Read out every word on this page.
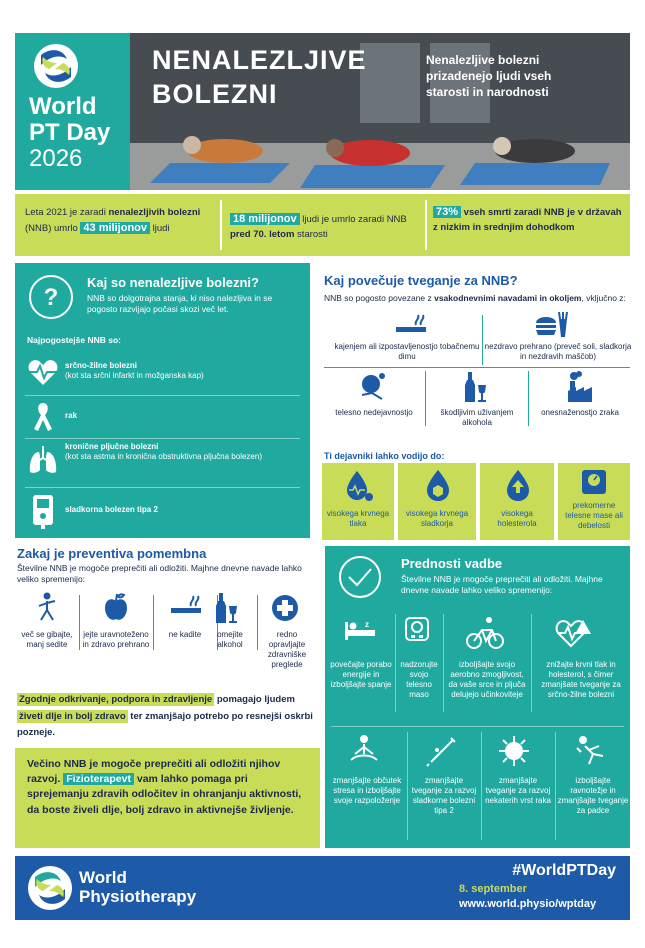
World
PT Day
2026
NENALEZLJIVE
BOLEZNI
Nenalezljive bolezni prizadenejo ljudi vseh starosti in narodnosti
Leta 2021 je zaradi nenalezljivih bolezni (NNB) umrlo 43 milijonov ljudi
18 milijonov ljudi je umrlo zaradi NNB pred 70. letom starosti
73% vseh smrti zaradi NNB je v državah z nizkim in srednjim dohodkom
?
Kaj so nenalezljive bolezni?
NNB so dolgotrajna stanja, ki niso nalezljiva in se pogosto razvijajo počasi skozi več let.
Najpogostejše NNB so:
srčno-žilne bolezni
(kot sta srčni infarkt in možganska kap)
rak
kronične pljučne bolezni
(kot sta astma in kronična obstruktivna pljučna bolezen)
sladkorna bolezen tipa 2
Kaj povečuje tveganje za NNB?
NNB so pogosto povezane z vsakodnevnimi navadami in okoljem, vključno z:
kajenjem ali izpostavljenostjo tobačnemu dimu
nezdravo prehrano (preveč soli, sladkorja in nezdravih maščob)
telesno nedejavnostjo	škodljivim uživanjem alkohola
onesnaženostjo zraka
Ti dejavniki lahko vodijo do:
visokega krvnega tlaka
visokega krvnega sladkorja
visokega holesterola
prekomerne telesne mase ali debelosti
Zakaj je preventiva pomembna
Številne NNB je mogoče preprečiti ali odložiti. Majhne dnevne navade lahko veliko spremenijo:
več se gibajte, manj sedite
jejte uravnoteženo in zdravo prehrano
ne kadite	omejite alkohol
redno opravljajte zdravniške preglede
Zgodnje odkrivanje, podpora in zdravljenje pomagajo ljudem živeti dlje in bolj zdravo ter zmanjšajo potrebo po resnejši oskrbi pozneje.
Večino NNB je mogoče preprečiti ali odložiti njihov razvoj. Fizioterapevt vam lahko pomaga pri sprejemanju zdravih odločitev in ohranjanju aktivnosti, da boste živeli dlje, bolj zdravo in aktivnejše življenje.
Prednosti vadbe
Številne NNB je mogoče preprečiti ali odložiti. Majhne dnevne navade lahko veliko spremenijo:
z
povečajte porabo energije in izboljšajte spanje
nadzorujte svojo telesno maso
izboljšajte svojo aerobno zmogljivost, da vaše srce in pljuča delujejo učinkoviteje
znižajte krvni tlak in holesterol, s čimer zmanjšate tveganje za srčno-žilne bolezni
zmanjšajte občutek stresa in izboljšajte svoje razpoloženje
zmanjšajte tveganje za razvoj sladkorne bolezni tipa 2
zmanjšajte tveganje za razvoj nekaterih vrst raka
izboljšajte ravnotežje in zmanjšajte tveganje za padce
World
Physiotherapy
#WorldPTDay
8. september
www.world.physio/wptday
